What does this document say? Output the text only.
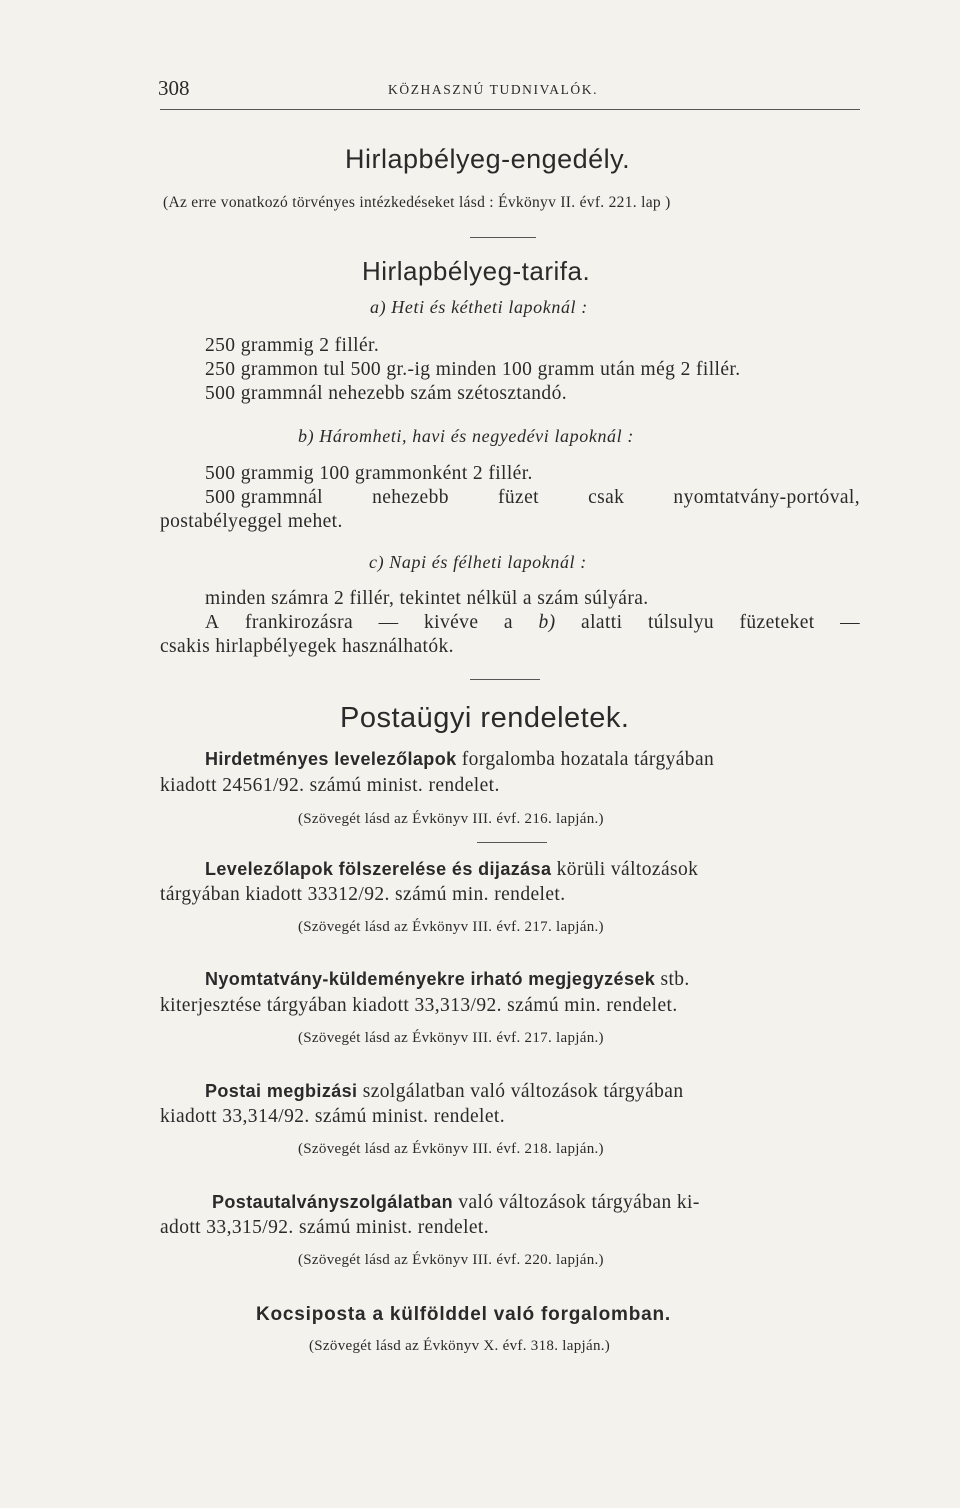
308	KÖZHASZNÚ TUDNIVALÓK.
Hirlapbélyeg-engedély.
(Az erre vonatkozó törvényes intézkedéseket lásd : Évkönyv II. évf. 221. lap )
Hirlapbélyeg-tarifa.
a) Heti és kétheti lapoknál :
250 grammig 2 fillér.
250 grammon tul 500 gr.-ig minden 100 gramm után még 2 fillér.
500 grammnál nehezebb szám szétosztandó.
b) Háromheti, havi és negyedévi lapoknál :
500 grammig 100 grammonként 2 fillér.
500 grammnál	nehezebb	füzet	csak	nyomtatvány-portóval,
postabélyeggel mehet.
c) Napi és félheti lapoknál :
minden számra 2 fillér, tekintet nélkül a szám súlyára.
A frankirozásra — kivéve a b) alatti túlsulyu füzeteket —
csakis hirlapbélyegek használhatók.
Postaügyi rendeletek.
Hirdetményes levelezőlapok forgalomba hozatala tárgyában
kiadott 24561/92. számú minist. rendelet.
(Szövegét lásd az Évkönyv III. évf. 216. lapján.)
Levelezőlapok fölszerelése és dijazása körüli változások
tárgyában kiadott 33312/92. számú min. rendelet.
(Szövegét lásd az Évkönyv III. évf. 217. lapján.)
Nyomtatvány-küldeményekre irható megjegyzések stb.
kiterjesztése tárgyában kiadott 33,313/92. számú min. rendelet.
(Szövegét lásd az Évkönyv III. évf. 217. lapján.)
Postai megbizási szolgálatban való változások tárgyában
kiadott 33,314/92. számú minist. rendelet.
(Szövegét lásd az Évkönyv III. évf. 218. lapján.)
Postautalványszolgálatban való változások tárgyában ki-
adott 33,315/92. számú minist. rendelet.
(Szövegét lásd az Évkönyv III. évf. 220. lapján.)
Kocsiposta a külfölddel való forgalomban.
(Szövegét lásd az Évkönyv X. évf. 318. lapján.)
